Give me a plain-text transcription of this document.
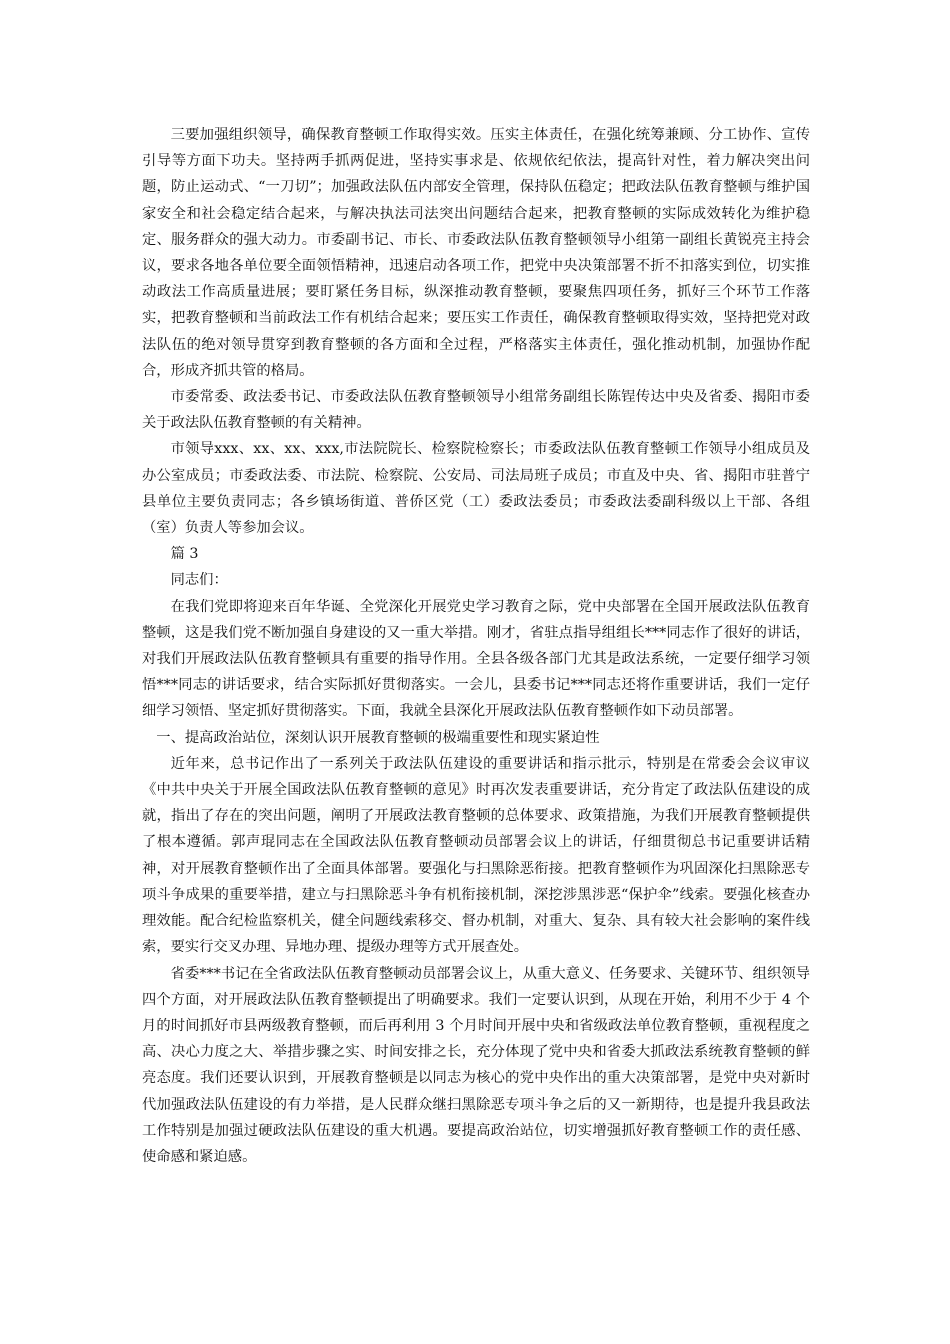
三要加强组织领导，确保教育整顿工作取得实效。压实主体责任，在强化统筹兼顾、分工协作、宣传引导等方面下功夫。坚持两手抓两促进，坚持实事求是、依规依纪依法，提高针对性，着力解决突出问题，防止运动式、“一刀切”；加强政法队伍内部安全管理，保持队伍稳定；把政法队伍教育整顿与维护国家安全和社会稳定结合起来，与解决执法司法突出问题结合起来，把教育整顿的实际成效转化为维护稳定、服务群众的强大动力。市委副书记、市长、市委政法队伍教育整顿领导小组第一副组长黄锐亮主持会议，要求各地各单位要全面领悟精神，迅速启动各项工作，把党中央决策部署不折不扣落实到位，切实推动政法工作高质量进展；要盯紧任务目标，纵深推动教育整顿，要聚焦四项任务，抓好三个环节工作落实，把教育整顿和当前政法工作有机结合起来；要压实工作责任，确保教育整顿取得实效，坚持把党对政法队伍的绝对领导贯穿到教育整顿的各方面和全过程，严格落实主体责任，强化推动机制，加强协作配合，形成齐抓共管的格局。

市委常委、政法委书记、市委政法队伍教育整顿领导小组常务副组长陈锃传达中央及省委、揭阳市委关于政法队伍教育整顿的有关精神。

市领导xxx、xx、xx、xxx,市法院院长、检察院检察长；市委政法队伍教育整顿工作领导小组成员及办公室成员；市委政法委、市法院、检察院、公安局、司法局班子成员；市直及中央、省、揭阳市驻普宁县单位主要负责同志；各乡镇场街道、普侨区党（工）委政法委员；市委政法委副科级以上干部、各组（室）负责人等参加会议。

篇 3

同志们：

在我们党即将迎来百年华诞、全党深化开展党史学习教育之际，党中央部署在全国开展政法队伍教育整顿，这是我们党不断加强自身建设的又一重大举措。刚才，省驻点指导组组长***同志作了很好的讲话，对我们开展政法队伍教育整顿具有重要的指导作用。全县各级各部门尤其是政法系统，一定要仔细学习领悟***同志的讲话要求，结合实际抓好贯彻落实。一会儿，县委书记***同志还将作重要讲话，我们一定仔细学习领悟、坚定抓好贯彻落实。下面，我就全县深化开展政法队伍教育整顿作如下动员部署。

一、提高政治站位，深刻认识开展教育整顿的极端重要性和现实紧迫性

近年来，总书记作出了一系列关于政法队伍建设的重要讲话和指示批示，特别是在常委会会议审议《中共中央关于开展全国政法队伍教育整顿的意见》时再次发表重要讲话，充分肯定了政法队伍建设的成就，指出了存在的突出问题，阐明了开展政法教育整顿的总体要求、政策措施，为我们开展教育整顿提供了根本遵循。郭声琨同志在全国政法队伍教育整顿动员部署会议上的讲话，仔细贯彻总书记重要讲话精神，对开展教育整顿作出了全面具体部署。要强化与扫黑除恶衔接。把教育整顿作为巩固深化扫黑除恶专项斗争成果的重要举措，建立与扫黑除恶斗争有机衔接机制，深挖涉黑涉恶“保护伞”线索。要强化核查办理效能。配合纪检监察机关，健全问题线索移交、督办机制，对重大、复杂、具有较大社会影响的案件线索，要实行交叉办理、异地办理、提级办理等方式开展查处。

省委***书记在全省政法队伍教育整顿动员部署会议上，从重大意义、任务要求、关键环节、组织领导四个方面，对开展政法队伍教育整顿提出了明确要求。我们一定要认识到，从现在开始，利用不少于 4 个月的时间抓好市县两级教育整顿，而后再利用 3 个月时间开展中央和省级政法单位教育整顿，重视程度之高、决心力度之大、举措步骤之实、时间安排之长，充分体现了党中央和省委大抓政法系统教育整顿的鲜亮态度。我们还要认识到，开展教育整顿是以同志为核心的党中央作出的重大决策部署，是党中央对新时代加强政法队伍建设的有力举措，是人民群众继扫黑除恶专项斗争之后的又一新期待，也是提升我县政法工作特别是加强过硬政法队伍建设的重大机遇。要提高政治站位，切实增强抓好教育整顿工作的责任感、使命感和紧迫感。
